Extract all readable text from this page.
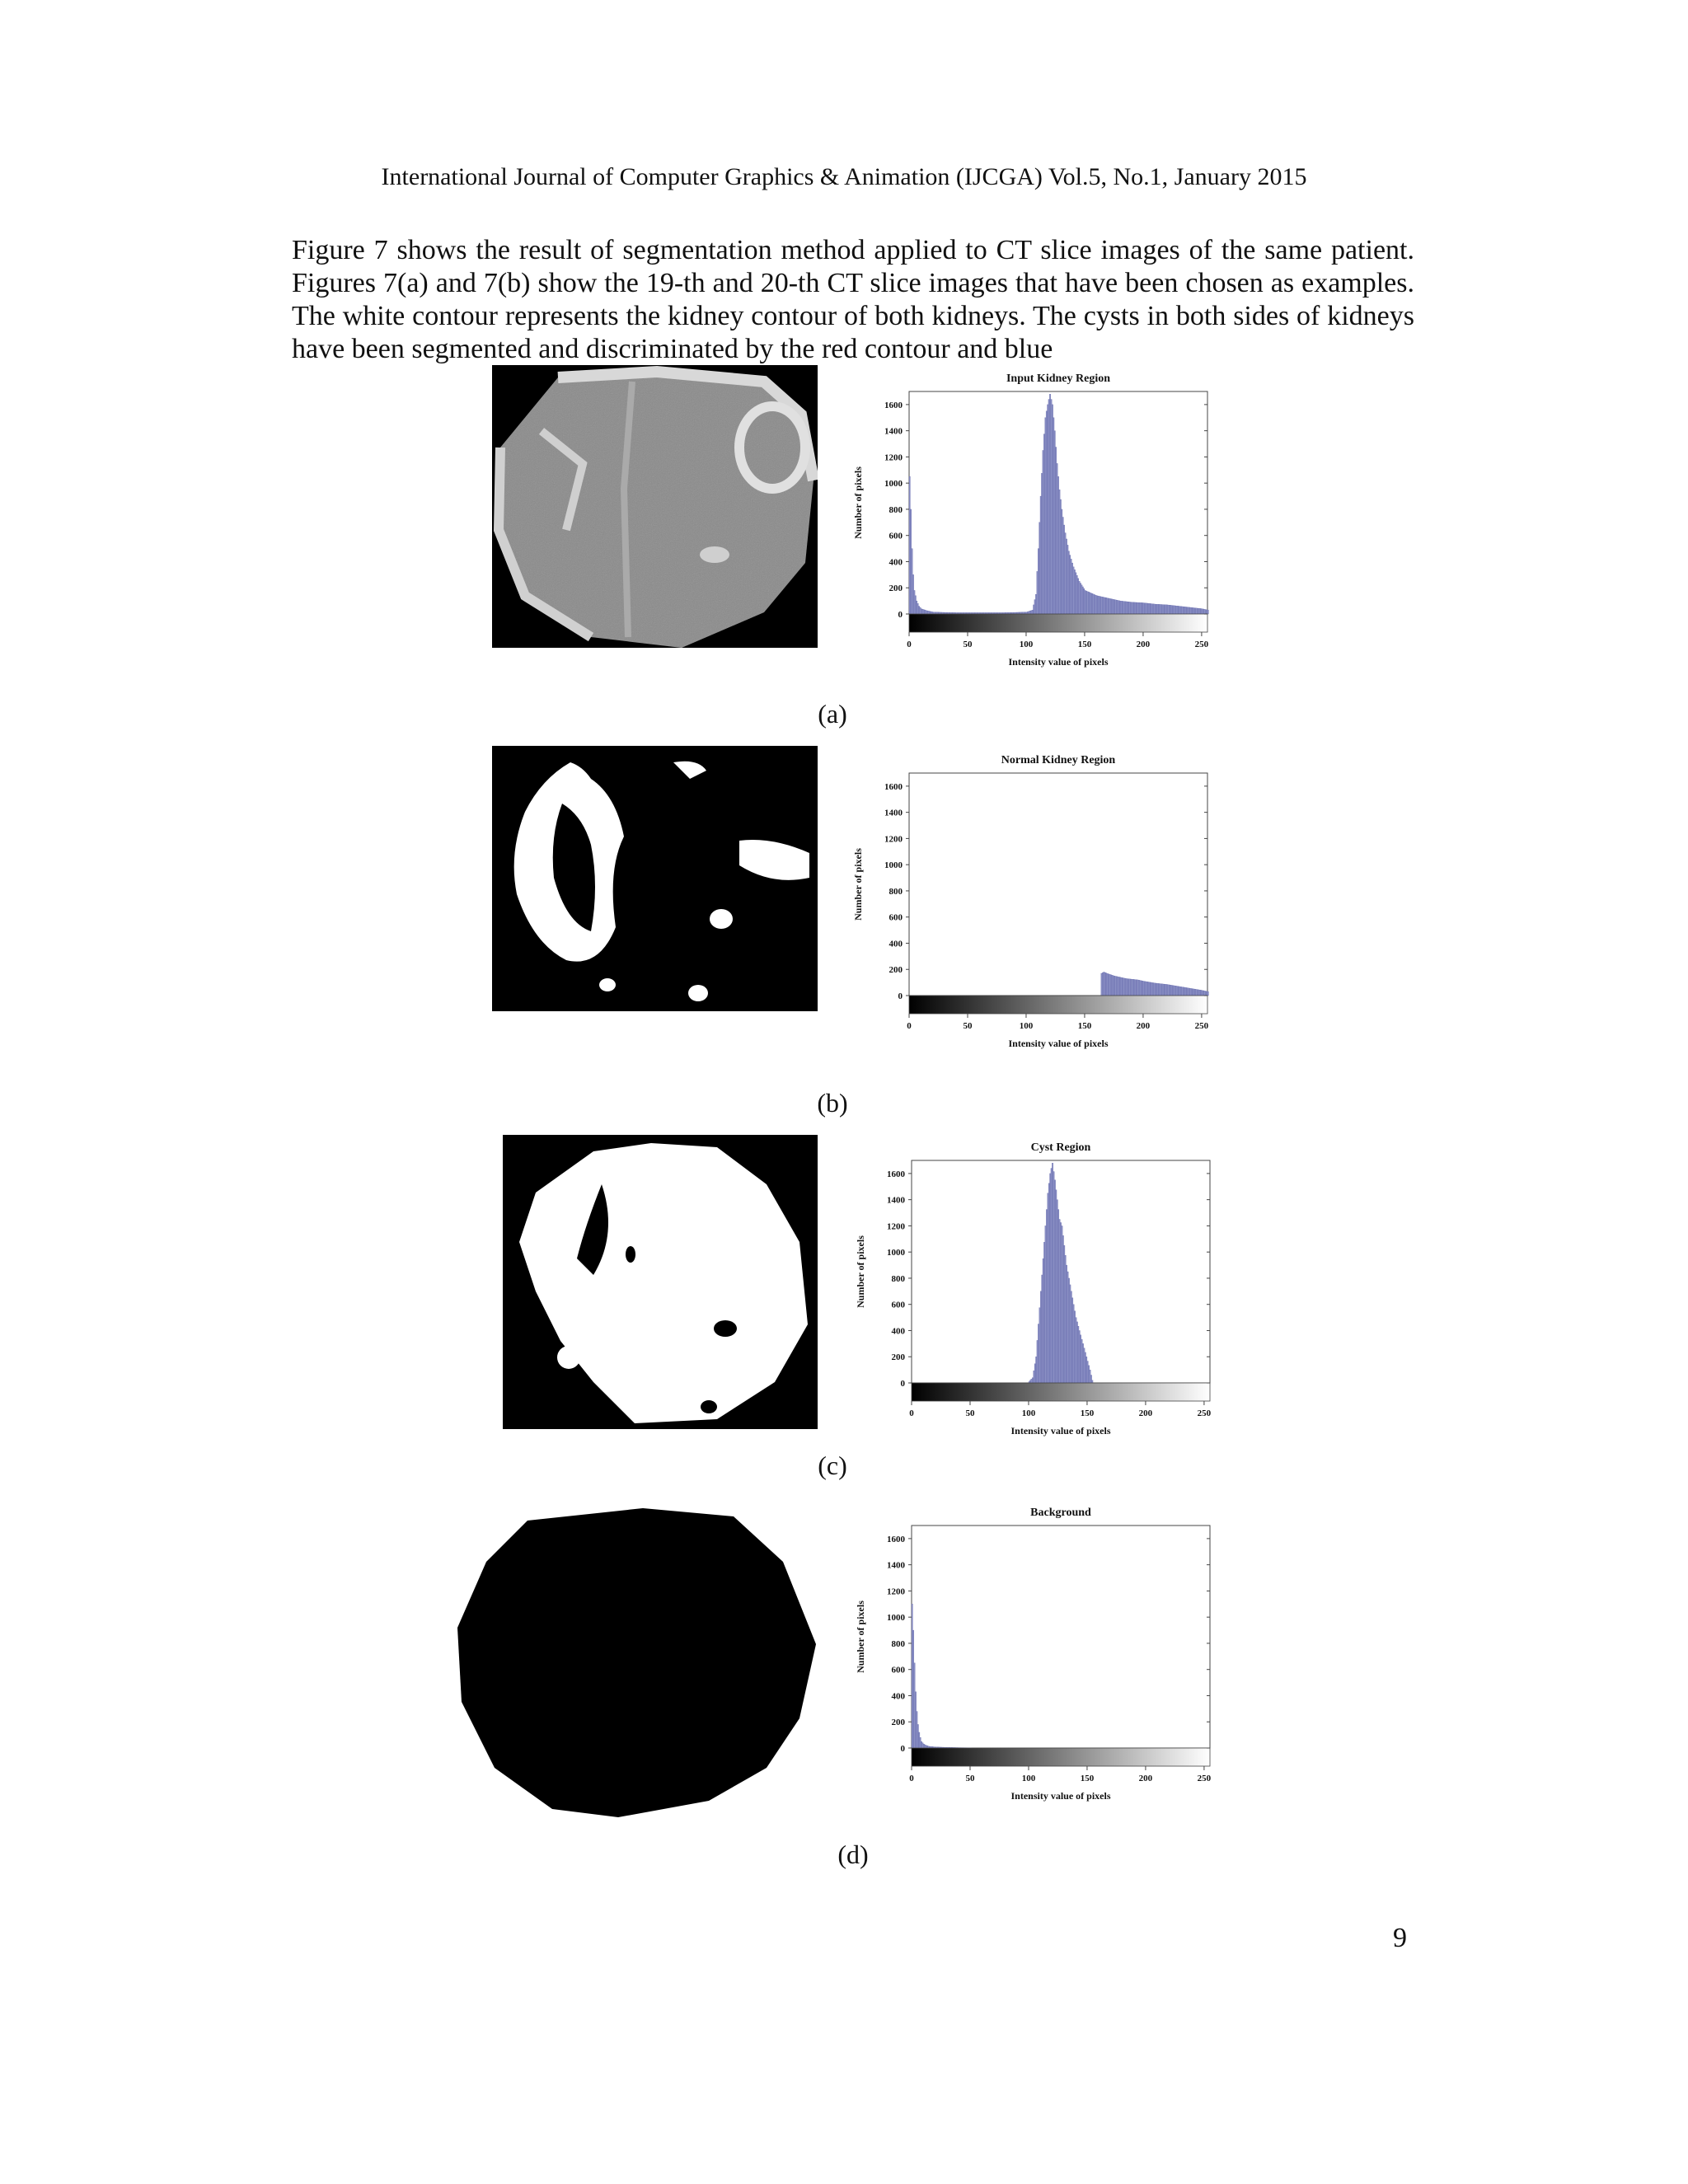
International Journal of Computer Graphics & Animation (IJCGA) Vol.5, No.1, January 2015

Figure 7 shows the result of segmentation method applied to CT slice images of the same patient. Figures 7(a) and 7(b) show the 19-th and 20-th CT slice images that have been chosen as examples. The white contour represents the kidney contour of both kidneys. The cysts in both sides of kidneys have been segmented and discriminated by the red contour and blue

Input Kidney Region
0
200
400
600
800
1000
1200
1400
1600
0	50	100	150	200	250
Intensity value of pixels
Number of pixels
(a)
Normal Kidney Region
0
200
400
600
800
1000
1200
1400
1600
0	50	100	150	200	250
Intensity value of pixels
Number of pixels
(b)
Cyst Region
0
200
400
600
800
1000
1200
1400
1600
0	50	100	150	200	250
Intensity value of pixels
Number of pixels
(c)
Background
0
200
400
600
800
1000
1200
1400
1600
0	50	100	150	200	250
Intensity value of pixels
Number of pixels
(d)
9
